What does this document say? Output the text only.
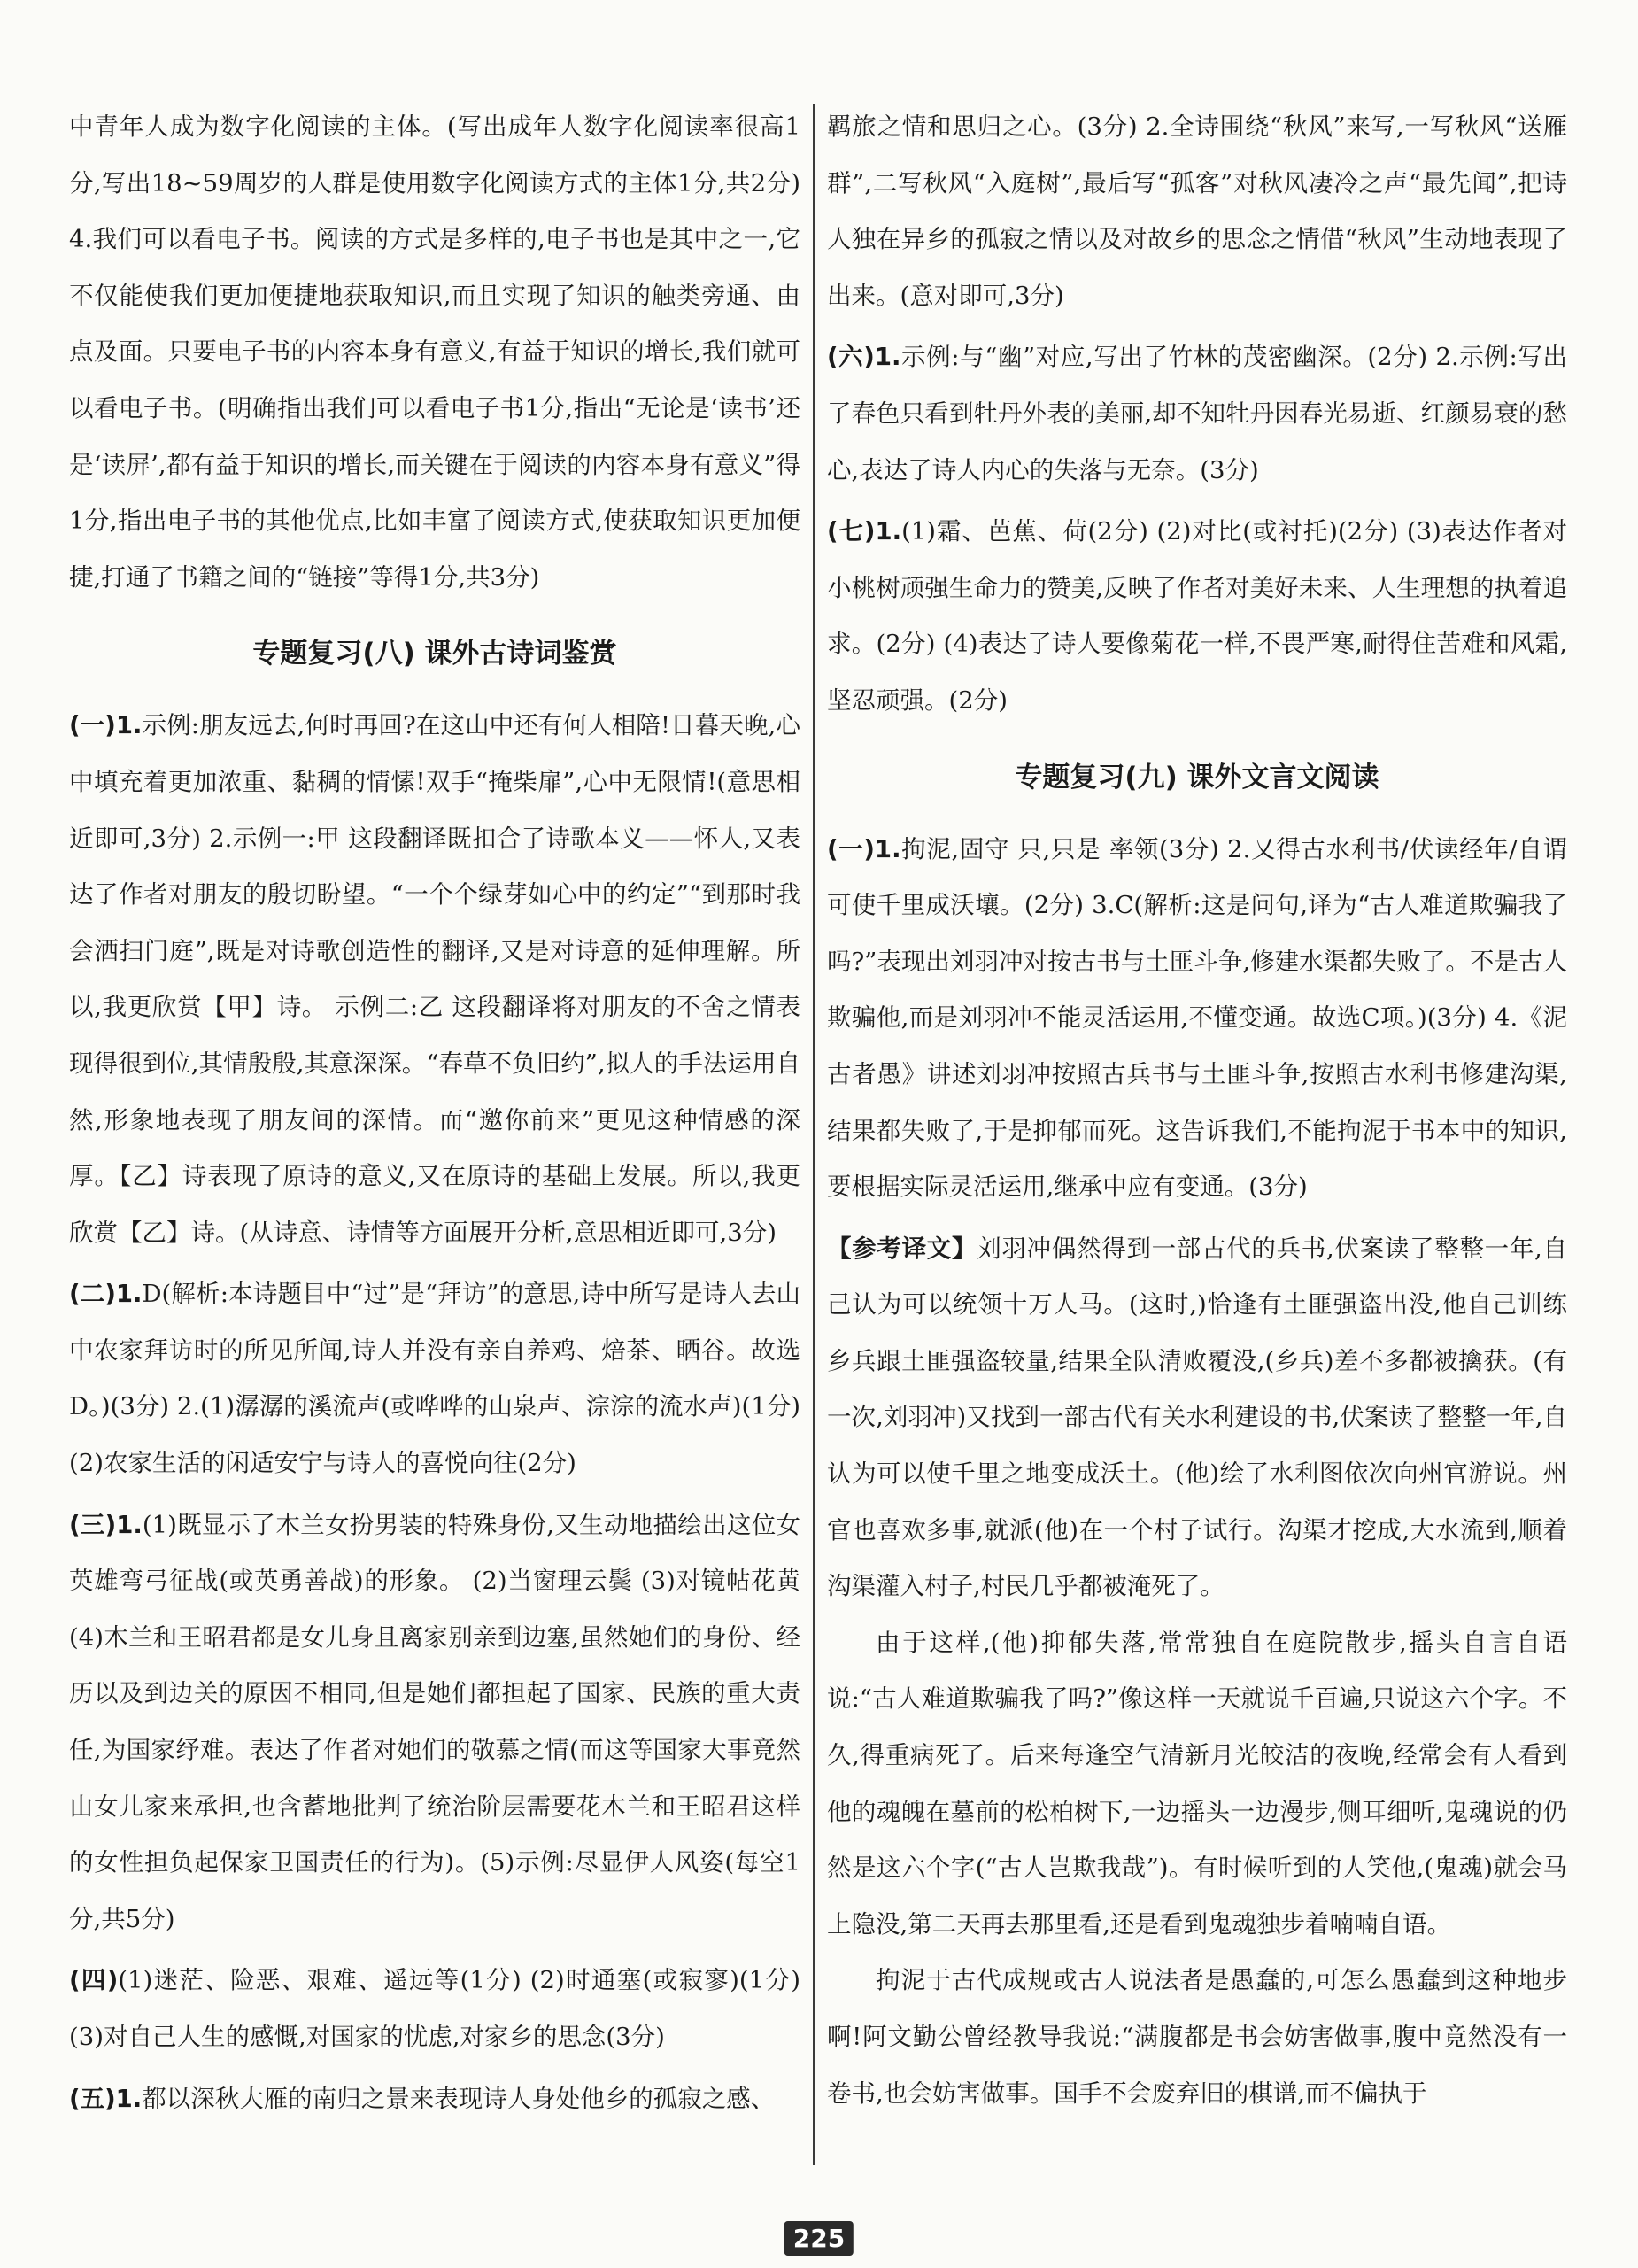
中青年人成为数字化阅读的主体。(写出成年人数字化阅读率很高1分,写出18~59周岁的人群是使用数字化阅读方式的主体1分,共2分) 4.我们可以看电子书。阅读的方式是多样的,电子书也是其中之一,它不仅能使我们更加便捷地获取知识,而且实现了知识的触类旁通、由点及面。只要电子书的内容本身有意义,有益于知识的增长,我们就可以看电子书。(明确指出我们可以看电子书1分,指出“无论是‘读书’还是‘读屏’,都有益于知识的增长,而关键在于阅读的内容本身有意义”得1分,指出电子书的其他优点,比如丰富了阅读方式,使获取知识更加便捷,打通了书籍之间的“链接”等得1分,共3分)

专题复习(八) 课外古诗词鉴赏

(一)1.示例:朋友远去,何时再回?在这山中还有何人相陪!日暮天晚,心中填充着更加浓重、黏稠的情愫!双手“掩柴扉”,心中无限情!(意思相近即可,3分) 2.示例一:甲 这段翻译既扣合了诗歌本义——怀人,又表达了作者对朋友的殷切盼望。“一个个绿芽如心中的约定”“到那时我会洒扫门庭”,既是对诗歌创造性的翻译,又是对诗意的延伸理解。所以,我更欣赏【甲】诗。 示例二:乙 这段翻译将对朋友的不舍之情表现得很到位,其情殷殷,其意深深。“春草不负旧约”,拟人的手法运用自然,形象地表现了朋友间的深情。而“邀你前来”更见这种情感的深厚。【乙】诗表现了原诗的意义,又在原诗的基础上发展。所以,我更欣赏【乙】诗。(从诗意、诗情等方面展开分析,意思相近即可,3分)

(二)1.D(解析:本诗题目中“过”是“拜访”的意思,诗中所写是诗人去山中农家拜访时的所见所闻,诗人并没有亲自养鸡、焙茶、晒谷。故选D。)(3分) 2.(1)潺潺的溪流声(或哗哗的山泉声、淙淙的流水声)(1分) (2)农家生活的闲适安宁与诗人的喜悦向往(2分)

(三)1.(1)既显示了木兰女扮男装的特殊身份,又生动地描绘出这位女英雄弯弓征战(或英勇善战)的形象。 (2)当窗理云鬓 (3)对镜帖花黄 (4)木兰和王昭君都是女儿身且离家别亲到边塞,虽然她们的身份、经历以及到边关的原因不相同,但是她们都担起了国家、民族的重大责任,为国家纾难。表达了作者对她们的敬慕之情(而这等国家大事竟然由女儿家来承担,也含蓄地批判了统治阶层需要花木兰和王昭君这样的女性担负起保家卫国责任的行为)。(5)示例:尽显伊人风姿(每空1分,共5分)

(四)(1)迷茫、险恶、艰难、遥远等(1分) (2)时通塞(或寂寥)(1分) (3)对自己人生的感慨,对国家的忧虑,对家乡的思念(3分)

(五)1.都以深秋大雁的南归之景来表现诗人身处他乡的孤寂之感、

羁旅之情和思归之心。(3分) 2.全诗围绕“秋风”来写,一写秋风“送雁群”,二写秋风“入庭树”,最后写“孤客”对秋风凄冷之声“最先闻”,把诗人独在异乡的孤寂之情以及对故乡的思念之情借“秋风”生动地表现了出来。(意对即可,3分)

(六)1.示例:与“幽”对应,写出了竹林的茂密幽深。(2分) 2.示例:写出了春色只看到牡丹外表的美丽,却不知牡丹因春光易逝、红颜易衰的愁心,表达了诗人内心的失落与无奈。(3分)

(七)1.(1)霜、芭蕉、荷(2分) (2)对比(或衬托)(2分) (3)表达作者对小桃树顽强生命力的赞美,反映了作者对美好未来、人生理想的执着追求。(2分) (4)表达了诗人要像菊花一样,不畏严寒,耐得住苦难和风霜,坚忍顽强。(2分)

专题复习(九) 课外文言文阅读

(一)1.拘泥,固守 只,只是 率领(3分) 2.又得古水利书/伏读经年/自谓可使千里成沃壤。(2分) 3.C(解析:这是问句,译为“古人难道欺骗我了吗?”表现出刘羽冲对按古书与土匪斗争,修建水渠都失败了。不是古人欺骗他,而是刘羽冲不能灵活运用,不懂变通。故选C项。)(3分) 4.《泥古者愚》讲述刘羽冲按照古兵书与土匪斗争,按照古水利书修建沟渠,结果都失败了,于是抑郁而死。这告诉我们,不能拘泥于书本中的知识,要根据实际灵活运用,继承中应有变通。(3分)

【参考译文】刘羽冲偶然得到一部古代的兵书,伏案读了整整一年,自己认为可以统领十万人马。(这时,)恰逢有土匪强盗出没,他自己训练乡兵跟土匪强盗较量,结果全队清败覆没,(乡兵)差不多都被擒获。(有一次,刘羽冲)又找到一部古代有关水利建设的书,伏案读了整整一年,自认为可以使千里之地变成沃土。(他)绘了水利图依次向州官游说。州官也喜欢多事,就派(他)在一个村子试行。沟渠才挖成,大水流到,顺着沟渠灌入村子,村民几乎都被淹死了。

由于这样,(他)抑郁失落,常常独自在庭院散步,摇头自言自语说:“古人难道欺骗我了吗?”像这样一天就说千百遍,只说这六个字。不久,得重病死了。后来每逢空气清新月光皎洁的夜晚,经常会有人看到他的魂魄在墓前的松柏树下,一边摇头一边漫步,侧耳细听,鬼魂说的仍然是这六个字(“古人岂欺我哉”)。有时候听到的人笑他,(鬼魂)就会马上隐没,第二天再去那里看,还是看到鬼魂独步着喃喃自语。

拘泥于古代成规或古人说法者是愚蠢的,可怎么愚蠢到这种地步啊!阿文勤公曾经教导我说:“满腹都是书会妨害做事,腹中竟然没有一卷书,也会妨害做事。国手不会废弃旧的棋谱,而不偏执于

225
